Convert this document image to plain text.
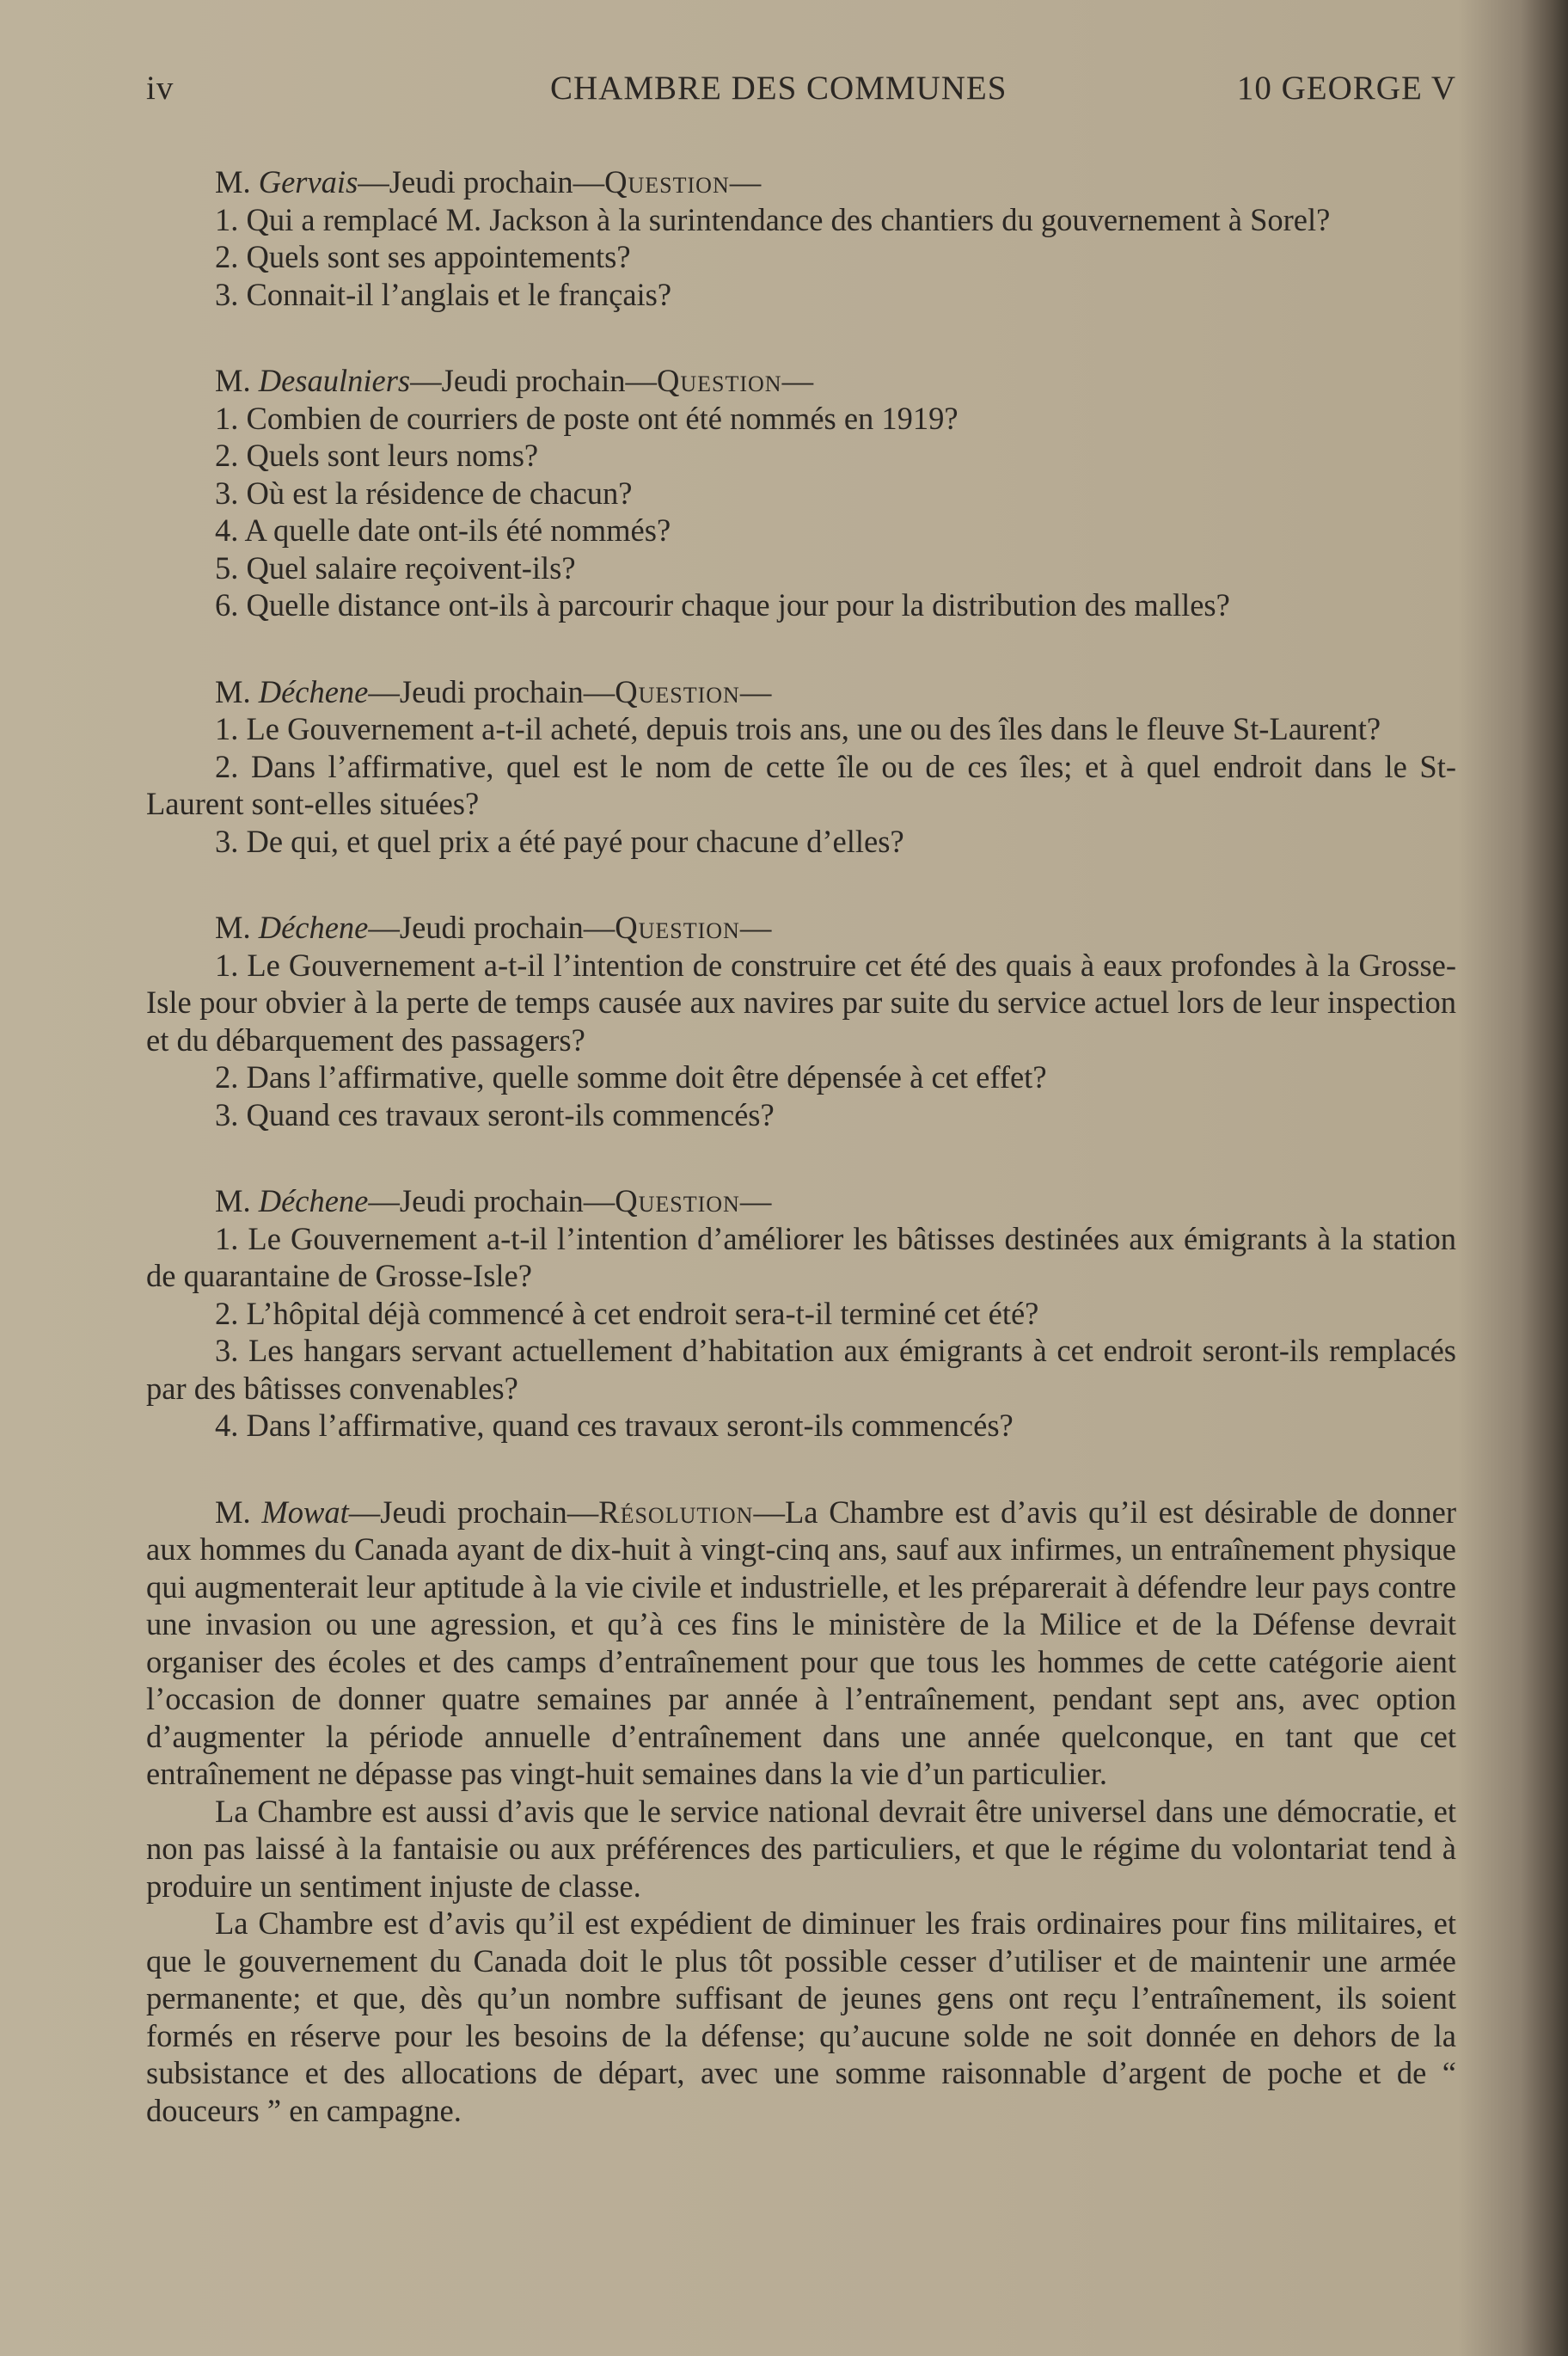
iv	CHAMBRE DES COMMUNES	10 GEORGE V

M. Gervais—Jeudi prochain—Question—

1. Qui a remplacé M. Jackson à la surintendance des chantiers du gouvernement à Sorel?

2. Quels sont ses appointements?

3. Connait-il l’anglais et le français?

M. Desaulniers—Jeudi prochain—Question—

1. Combien de courriers de poste ont été nommés en 1919?

2. Quels sont leurs noms?

3. Où est la résidence de chacun?

4. A quelle date ont-ils été nommés?

5. Quel salaire reçoivent-ils?

6. Quelle distance ont-ils à parcourir chaque jour pour la distribution des malles?

M. Déchene—Jeudi prochain—Question—

1. Le Gouvernement a-t-il acheté, depuis trois ans, une ou des îles dans le fleuve St-Laurent?

2. Dans l’affirmative, quel est le nom de cette île ou de ces îles; et à quel endroit dans le St-Laurent sont-elles situées?

3. De qui, et quel prix a été payé pour chacune d’elles?

M. Déchene—Jeudi prochain—Question—

1. Le Gouvernement a-t-il l’intention de construire cet été des quais à eaux profondes à la Grosse-Isle pour obvier à la perte de temps causée aux navires par suite du service actuel lors de leur inspection et du débarquement des passagers?

2. Dans l’affirmative, quelle somme doit être dépensée à cet effet?

3. Quand ces travaux seront-ils commencés?

M. Déchene—Jeudi prochain—Question—

1. Le Gouvernement a-t-il l’intention d’améliorer les bâtisses destinées aux émigrants à la station de quarantaine de Grosse-Isle?

2. L’hôpital déjà commencé à cet endroit sera-t-il terminé cet été?

3. Les hangars servant actuellement d’habitation aux émigrants à cet endroit seront-ils remplacés par des bâtisses convenables?

4. Dans l’affirmative, quand ces travaux seront-ils commencés?

M. Mowat—Jeudi prochain—Résolution—La Chambre est d’avis qu’il est désirable de donner aux hommes du Canada ayant de dix-huit à vingt-cinq ans, sauf aux infirmes, un entraînement physique qui augmenterait leur aptitude à la vie civile et industrielle, et les préparerait à défendre leur pays contre une invasion ou une agression, et qu’à ces fins le ministère de la Milice et de la Défense devrait organiser des écoles et des camps d’entraînement pour que tous les hommes de cette catégorie aient l’occasion de donner quatre semaines par année à l’entraînement, pendant sept ans, avec option d’augmenter la période annuelle d’entraînement dans une année quelconque, en tant que cet entraînement ne dépasse pas vingt-huit semaines dans la vie d’un particulier.

La Chambre est aussi d’avis que le service national devrait être universel dans une démocratie, et non pas laissé à la fantaisie ou aux préférences des particuliers, et que le régime du volontariat tend à produire un sentiment injuste de classe.

La Chambre est d’avis qu’il est expédient de diminuer les frais ordinaires pour fins militaires, et que le gouvernement du Canada doit le plus tôt possible cesser d’utiliser et de maintenir une armée permanente; et que, dès qu’un nombre suffisant de jeunes gens ont reçu l’entraînement, ils soient formés en réserve pour les besoins de la défense; qu’aucune solde ne soit donnée en dehors de la subsistance et des allocations de départ, avec une somme raisonnable d’argent de poche et de “ douceurs ” en campagne.
